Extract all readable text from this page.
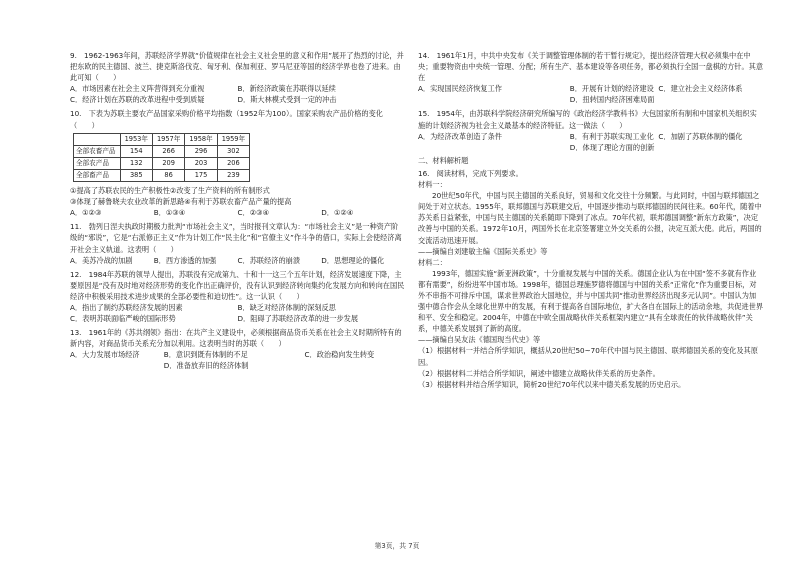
9.　1962-1963年间，苏联经济学界就“价值规律在社会主义社会里的意义和作用”展开了热烈的讨论，并把东欧的民主德国、波兰、捷克斯洛伐克、匈牙利、保加利亚、罗马尼亚等国的经济学界也卷了进来。由此可知（　　）

A．市场因素在社会主义阵营得到充分重视	B．新经济政策在苏联得以延续
C．经济计划在苏联的改革进程中受到质疑	D．斯大林模式受到一定的冲击

10.　下表为苏联主要农产品国家采购价格平均指数（1952年为100）。国家采购农产品价格的变化（　　）

	1953年	1957年	1958年	1959年
全部农畜产品	154	266	296	302
全部农产品	132	209	203	206
全部畜产品	385	86	175	239

①提高了苏联农民的生产积极性②改变了生产资料的所有制形式

③体现了赫鲁晓夫农业改革的新思路④有利于苏联农畜产品产量的提高

A．①②③	B．①③④	C．②③④	D．①②④

11.　勃列日涅夫执政时期极力批判“市场社会主义”，当时报刊文章认为：“市场社会主义”是一种资产阶级的“邪说”，它是“右派修正主义”作为计划工作“民主化”和“官僚主义”作斗争的借口，实际上会使经济离开社会主义轨道。这表明（　　）

A．美苏冷战的加剧	B．西方渗透的加强	C．苏联经济的崩溃	D．思想理论的僵化

12.　1984年苏联的领导人提出，苏联没有完成第九、十和十一这三个五年计划，经济发展速度下降，主要原因是“没有及时地对经济形势的变化作出正确评价，没有认识到经济转向集约化发展方向和转向在国民经济中积极采用技术进步成果的全部必要性和迫切性”。这一认识（　　）

A．指出了制约苏联经济发展的因素	B．缺乏对经济体制的深刻反思
C．表明苏联面临严峻的国际形势	D．阻碍了苏联经济改革的进一步发展

13.　1961年的《苏共纲领》指出：在共产主义建设中，必须根据商品货币关系在社会主义时期所特有的新内容，对商品货币关系充分加以利用。这表明当时的苏联（　　）

A．大力发展市场经济	B．意识到既有体制的不足	C．政治稳向发生转变
D．准备放弃旧的经济体制

14.　1961年1月，中共中央发布《关于调整管理体制的若干暂行规定》，提出经济管理大权必须集中在中央；重要物资由中央统一管理、分配；所有生产、基本建设等各项任务，都必须执行全国一盘棋的方针。其意在

A．实现国民经济恢复工作	B．开展有计划的经济建设 C．建立社会主义经济体系
D．扭转国内经济困难局面

15.　1954年，由苏联科学院经济研究所编写的《政治经济学教科书》大包国家所有制和中国家机关组织实施的计划经济视为社会主义最基本的经济特征。这一做法（　　）

A．为经济改革创造了条件	B．有利于苏联实现工业化 C．加剧了苏联体制的僵化
D．体现了理论方面的创新

二、材料解析题

16.　阅读材料，完成下列要求。

材料一：

20世纪50年代，中国与民主德国的关系良好，贸易和文化交往十分频繁。与此同时，中国与联邦德国之间处于对立状态。1955年，联邦德国与苏联建交后，中国逐步推动与联邦德国的民间往来。60年代，随着中苏关系日益紧张，中国与民主德国的关系随即下降到了冰点。70年代初，联邦德国调整“新东方政策”，决定改善与中国的关系。1972年10月，两国外长在北京签署建立外交关系的公报，决定互派大使。此后，两国的交流活动迅速开展。

——摘编自刘建敏主编《国际关系史》等

材料二：

1993年，德国实施“新亚洲政策”，十分重视发展与中国的关系。德国企业认为在中国“签不多就有作业都有需要”，纷纷进军中国市场。1998年，德国总理施罗德将德国与中国的关系“正常化”作为重要目标，对外不串指不可排斥中国，谋求世界政治大国地位，并与中国共同“推动世界经济出现多元认同”。中国认为加强中德合作会从全球化世界中的发展，有利于提高各自国际地位，扩大各自在国际上的活动余地，共促进世界和平、安全和稳定。2004年，中德在中欧全面战略伙伴关系框架内建立“具有全球责任的伙伴战略伙伴”关系，中德关系发展到了新的高度。

——摘编自吴友法《德国现当代史》等

（1）根据材料一并结合所学知识，概括从20世纪50~70年代中国与民主德国、联邦德国关系的变化及其原因。

（2）根据材料二并结合所学知识，阐述中德建立战略伙伴关系的历史条件。

（3）根据材料并结合所学知识，简析20世纪70年代以来中德关系发展的历史启示。

第3页，共 7页
